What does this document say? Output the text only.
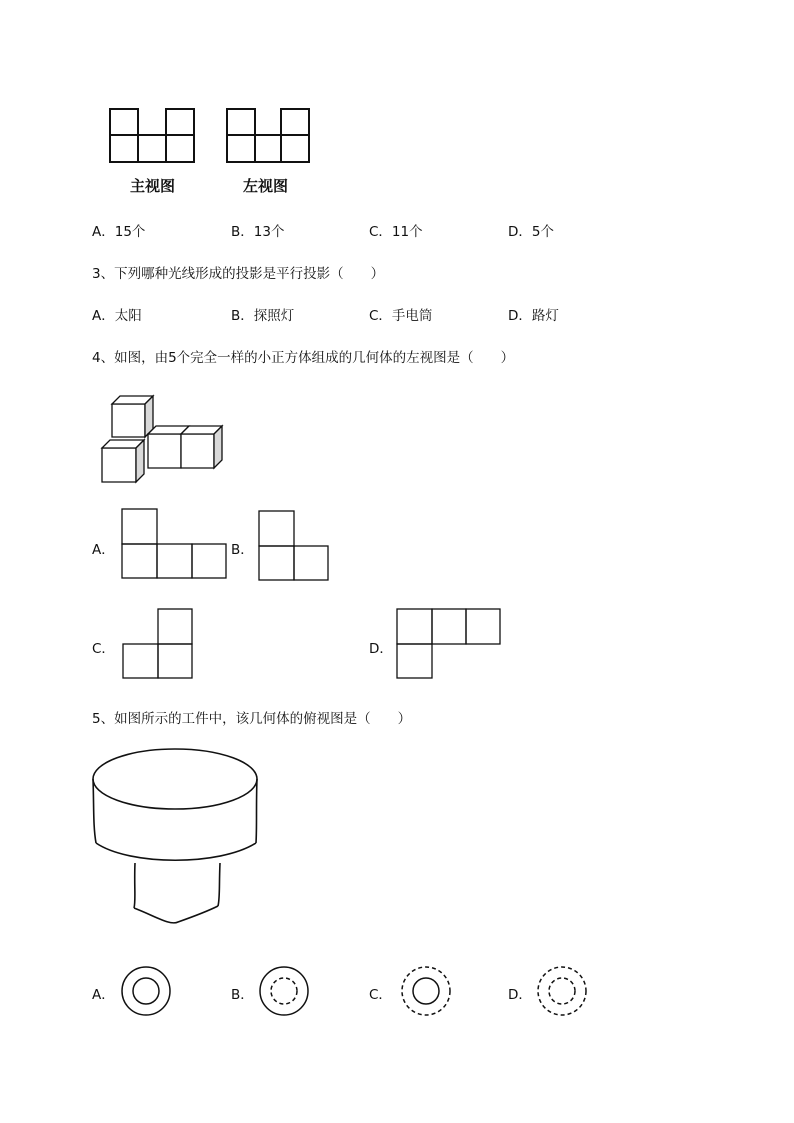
主视图	左视图
A．15个	B．13个	C．11个	D．5个
3、下列哪种光线形成的投影是平行投影（　　）
A．太阳	B．探照灯	C．手电筒	D．路灯
4、如图，由5个完全一样的小正方体组成的几何体的左视图是（　　）
A．	B．
C．	D．
5、如图所示的工件中，该几何体的俯视图是（　　）
A．	B．	C．	D．
